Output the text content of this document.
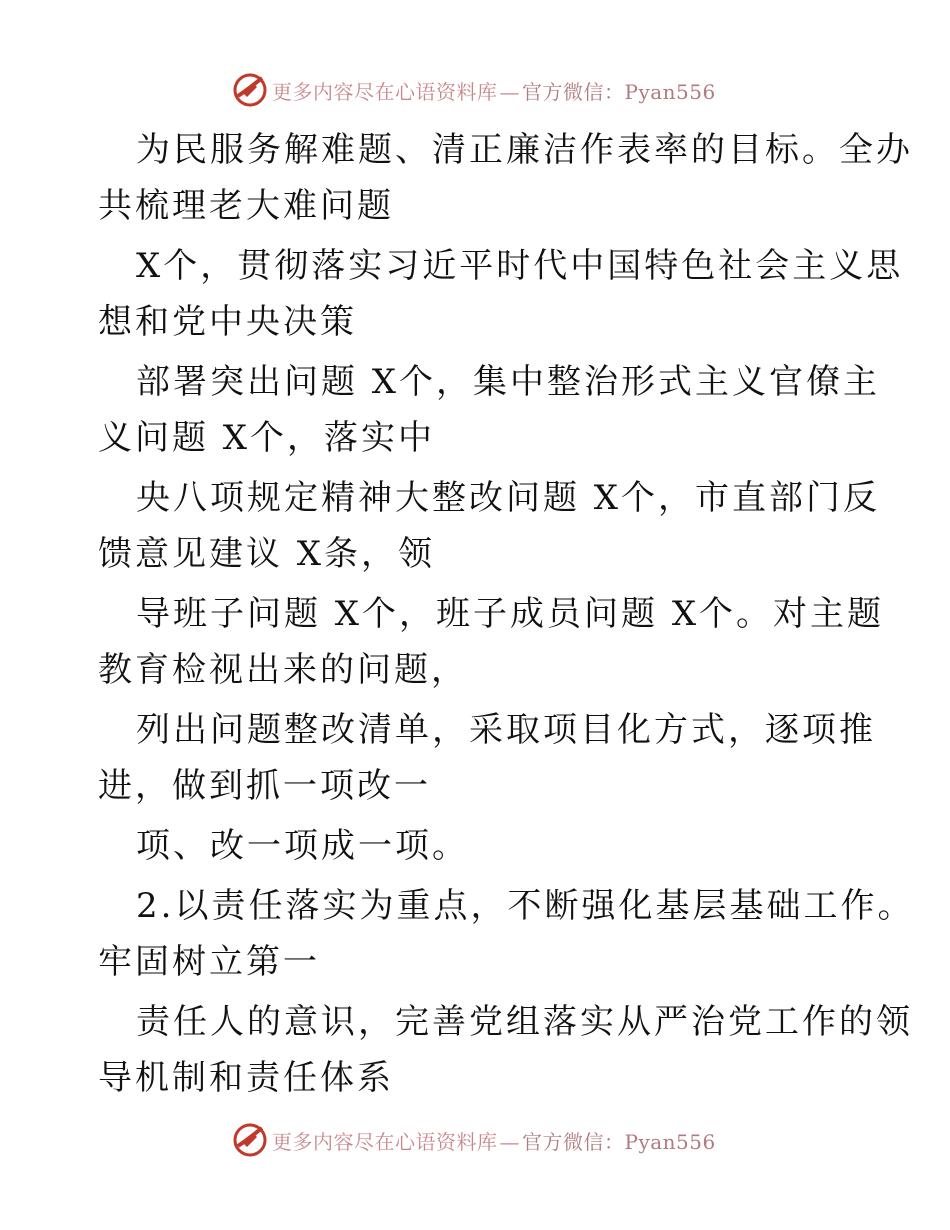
更多内容尽在心语资料库 — 官方微信：Pyan556
为民服务解难题、清正廉洁作表率的目标。全办
共梳理老大难问题
X个，贯彻落实习近平时代中国特色社会主义思
想和党中央决策
部署突出问题 X个，集中整治形式主义官僚主
义问题 X个，落实中
央八项规定精神大整改问题 X个，市直部门反
馈意见建议 X条，领
导班子问题 X个，班子成员问题 X个。对主题
教育检视出来的问题，
列出问题整改清单，采取项目化方式，逐项推
进，做到抓一项改一
项、改一项成一项。
2.以责任落实为重点，不断强化基层基础工作。
牢固树立第一
责任人的意识，完善党组落实从严治党工作的领
导机制和责任体系
更多内容尽在心语资料库 — 官方微信：Pyan556
